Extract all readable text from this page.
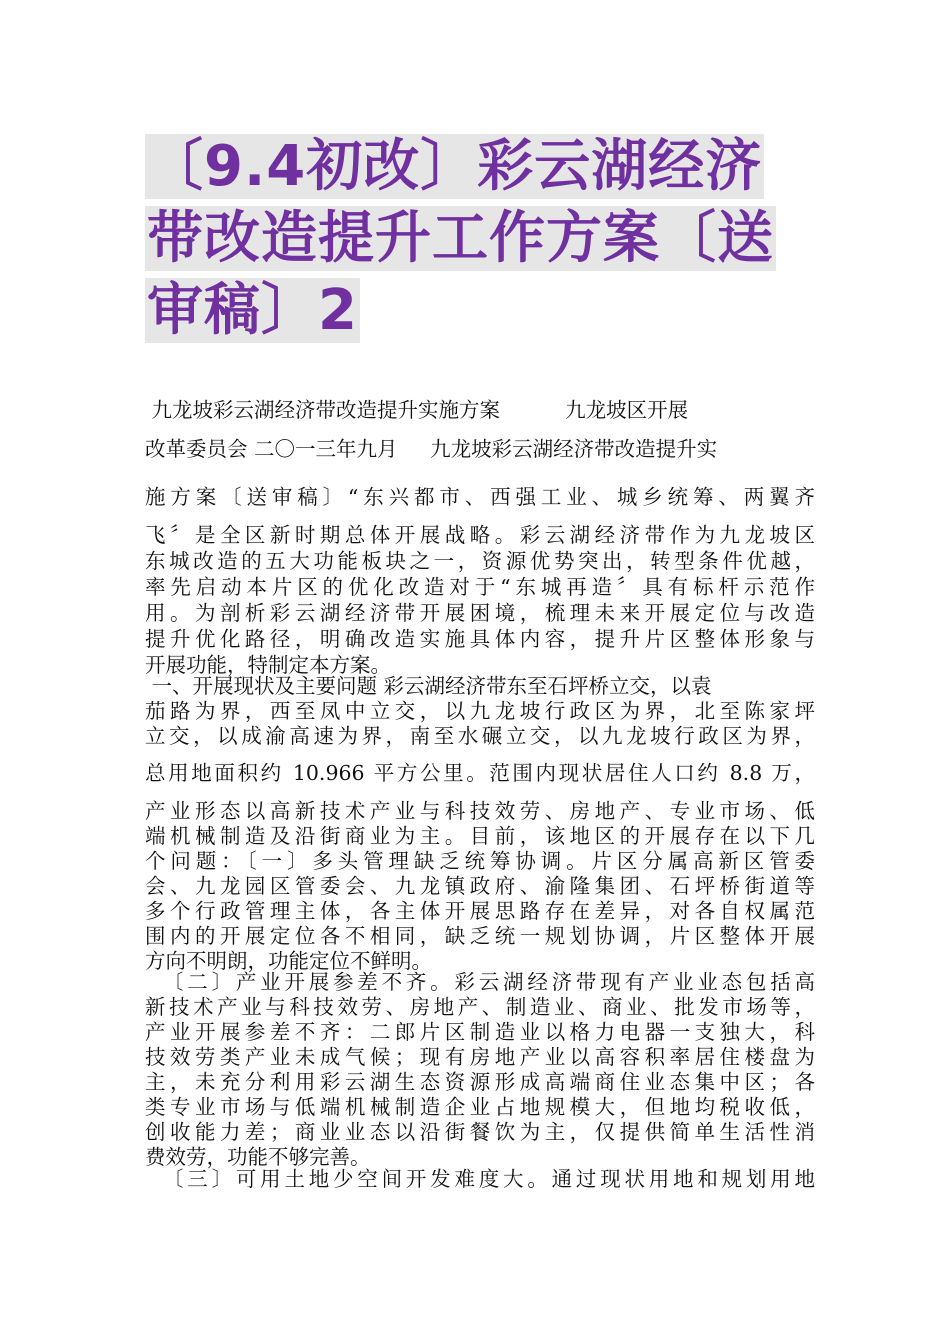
〔9.4初改〕彩云湖经济
带改造提升工作方案〔送
审稿〕2
九龙坡彩云湖经济带改造提升实施方案          九龙坡区开展
改革委员会 二〇一三年九月     九龙坡彩云湖经济带改造提升实
施方案〔送审稿〕“东兴都市、西强工业、城乡统筹、两翼齐
飞〞是全区新时期总体开展战略。彩云湖经济带作为九龙坡区
东城改造的五大功能板块之一，资源优势突出，转型条件优越，
率先启动本片区的优化改造对于“东城再造〞具有标杆示范作
用。为剖析彩云湖经济带开展困境，梳理未来开展定位与改造
提升优化路径，明确改造实施具体内容，提升片区整体形象与
开展功能，特制定本方案。
一、开展现状及主要问题 彩云湖经济带东至石坪桥立交，以袁
茄路为界，西至凤中立交，以九龙坡行政区为界，北至陈家坪
立交，以成渝高速为界，南至水碾立交，以九龙坡行政区为界，
总用地面积约 10.966 平方公里。范围内现状居住人口约 8.8 万，
产业形态以高新技术产业与科技效劳、房地产、专业市场、低
端机械制造及沿街商业为主。目前，该地区的开展存在以下几
个问题：〔一〕多头管理缺乏统筹协调。片区分属高新区管委
会、九龙园区管委会、九龙镇政府、渝隆集团、石坪桥街道等
多个行政管理主体，各主体开展思路存在差异，对各自权属范
围内的开展定位各不相同，缺乏统一规划协调，片区整体开展
方向不明朗，功能定位不鲜明。
〔二〕产业开展参差不齐。彩云湖经济带现有产业业态包括高
新技术产业与科技效劳、房地产、制造业、商业、批发市场等，
产业开展参差不齐：二郎片区制造业以格力电器一支独大，科
技效劳类产业未成气候；现有房地产业以高容积率居住楼盘为
主，未充分利用彩云湖生态资源形成高端商住业态集中区；各
类专业市场与低端机械制造企业占地规模大，但地均税收低，
创收能力差；商业业态以沿街餐饮为主，仅提供简单生活性消
费效劳，功能不够完善。
〔三〕可用土地少空间开发难度大。通过现状用地和规划用地
